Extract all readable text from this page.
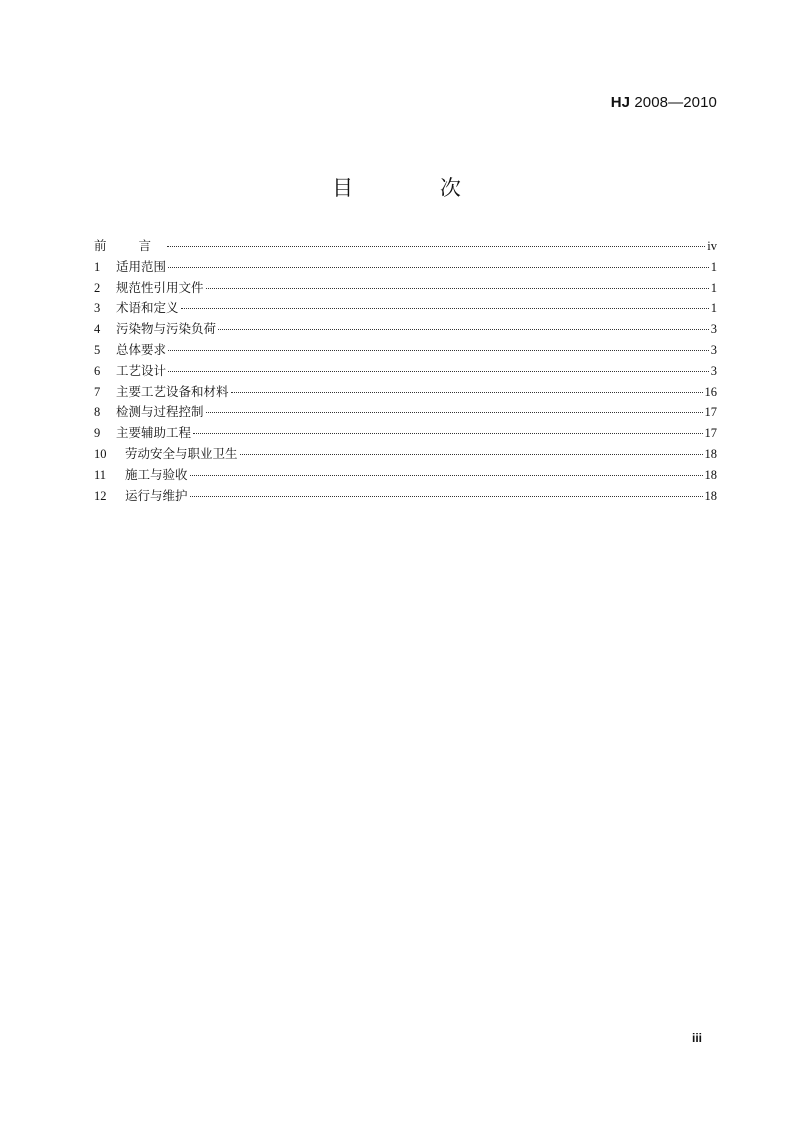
HJ 2008—2010
目 次
前 言	iv
1	适用范围	1
2	规范性引用文件	1
3	术语和定义	1
4	污染物与污染负荷	3
5	总体要求	3
6	工艺设计	3
7	主要工艺设备和材料	16
8	检测与过程控制	17
9	主要辅助工程	17
10	劳动安全与职业卫生	18
11	施工与验收	18
12	运行与维护	18
iii
